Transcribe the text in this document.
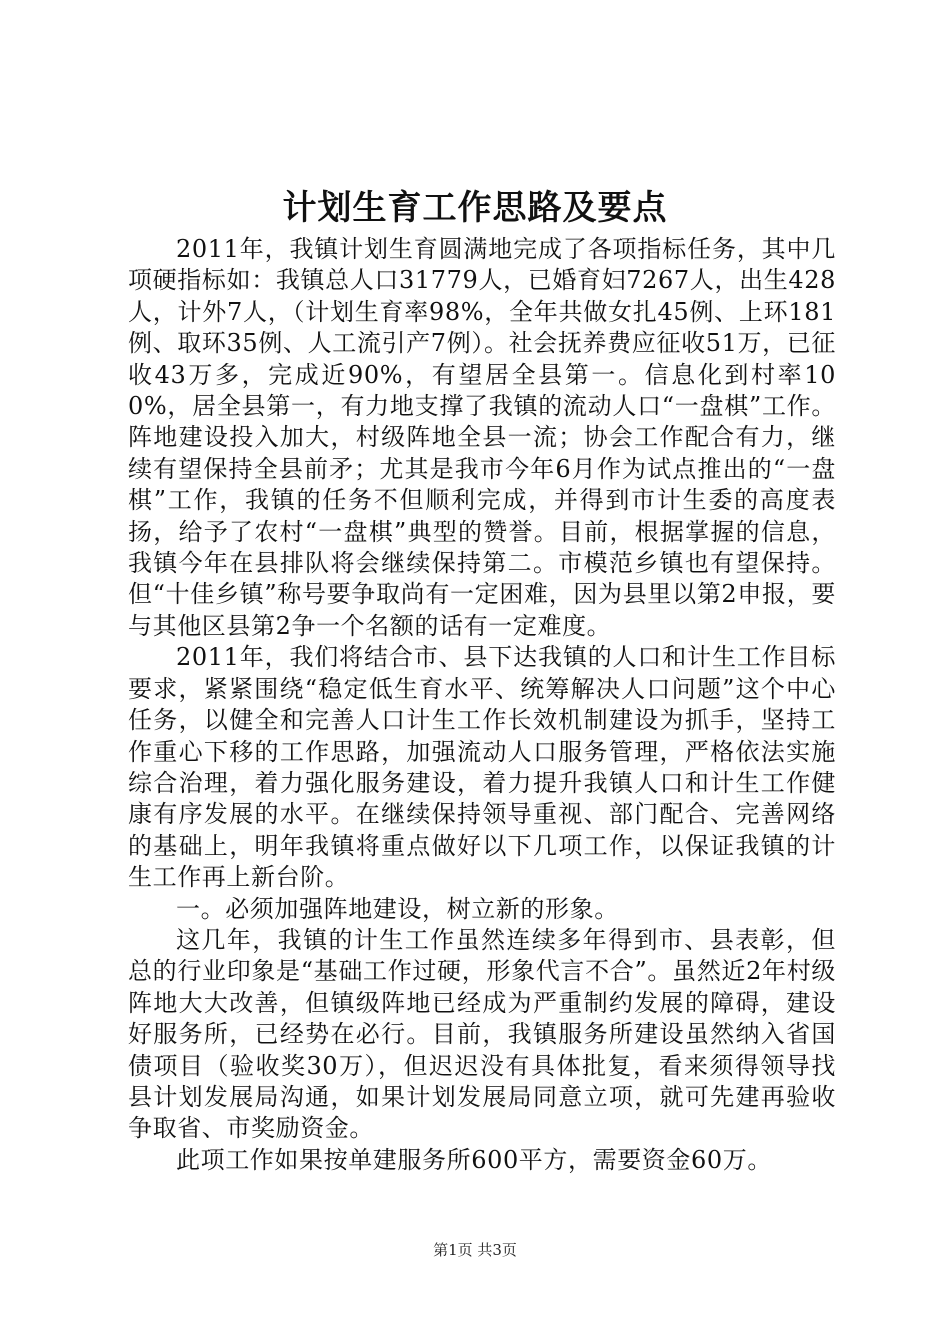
计划生育工作思路及要点

2011年，我镇计划生育圆满地完成了各项指标任务，其中几项硬指标如：我镇总人口31779人，已婚育妇7267人，出生428人，计外7人，（计划生育率98%，全年共做女扎45例、上环181例、取环35例、人工流引产7例）。社会抚养费应征收51万，已征收43万多，完成近90%，有望居全县第一。信息化到村率100%，居全县第一，有力地支撑了我镇的流动人口“一盘棋”工作。阵地建设投入加大，村级阵地全县一流；协会工作配合有力，继续有望保持全县前矛；尤其是我市今年6月作为试点推出的“一盘棋”工作，我镇的任务不但顺利完成，并得到市计生委的高度表扬，给予了农村“一盘棋”典型的赞誉。目前，根据掌握的信息，我镇今年在县排队将会继续保持第二。市模范乡镇也有望保持。但“十佳乡镇”称号要争取尚有一定困难，因为县里以第2申报，要与其他区县第2争一个名额的话有一定难度。

2011年，我们将结合市、县下达我镇的人口和计生工作目标要求，紧紧围绕“稳定低生育水平、统筹解决人口问题”这个中心任务，以健全和完善人口计生工作长效机制建设为抓手，坚持工作重心下移的工作思路，加强流动人口服务管理，严格依法实施综合治理，着力强化服务建设，着力提升我镇人口和计生工作健康有序发展的水平。在继续保持领导重视、部门配合、完善网络的基础上，明年我镇将重点做好以下几项工作，以保证我镇的计生工作再上新台阶。

一。必须加强阵地建设，树立新的形象。

这几年，我镇的计生工作虽然连续多年得到市、县表彰，但总的行业印象是“基础工作过硬，形象代言不合”。虽然近2年村级阵地大大改善，但镇级阵地已经成为严重制约发展的障碍，建设好服务所，已经势在必行。目前，我镇服务所建设虽然纳入省国债项目（验收奖30万），但迟迟没有具体批复，看来须得领导找县计划发展局沟通，如果计划发展局同意立项，就可先建再验收争取省、市奖励资金。

此项工作如果按单建服务所600平方，需要资金60万。

第1页 共3页
